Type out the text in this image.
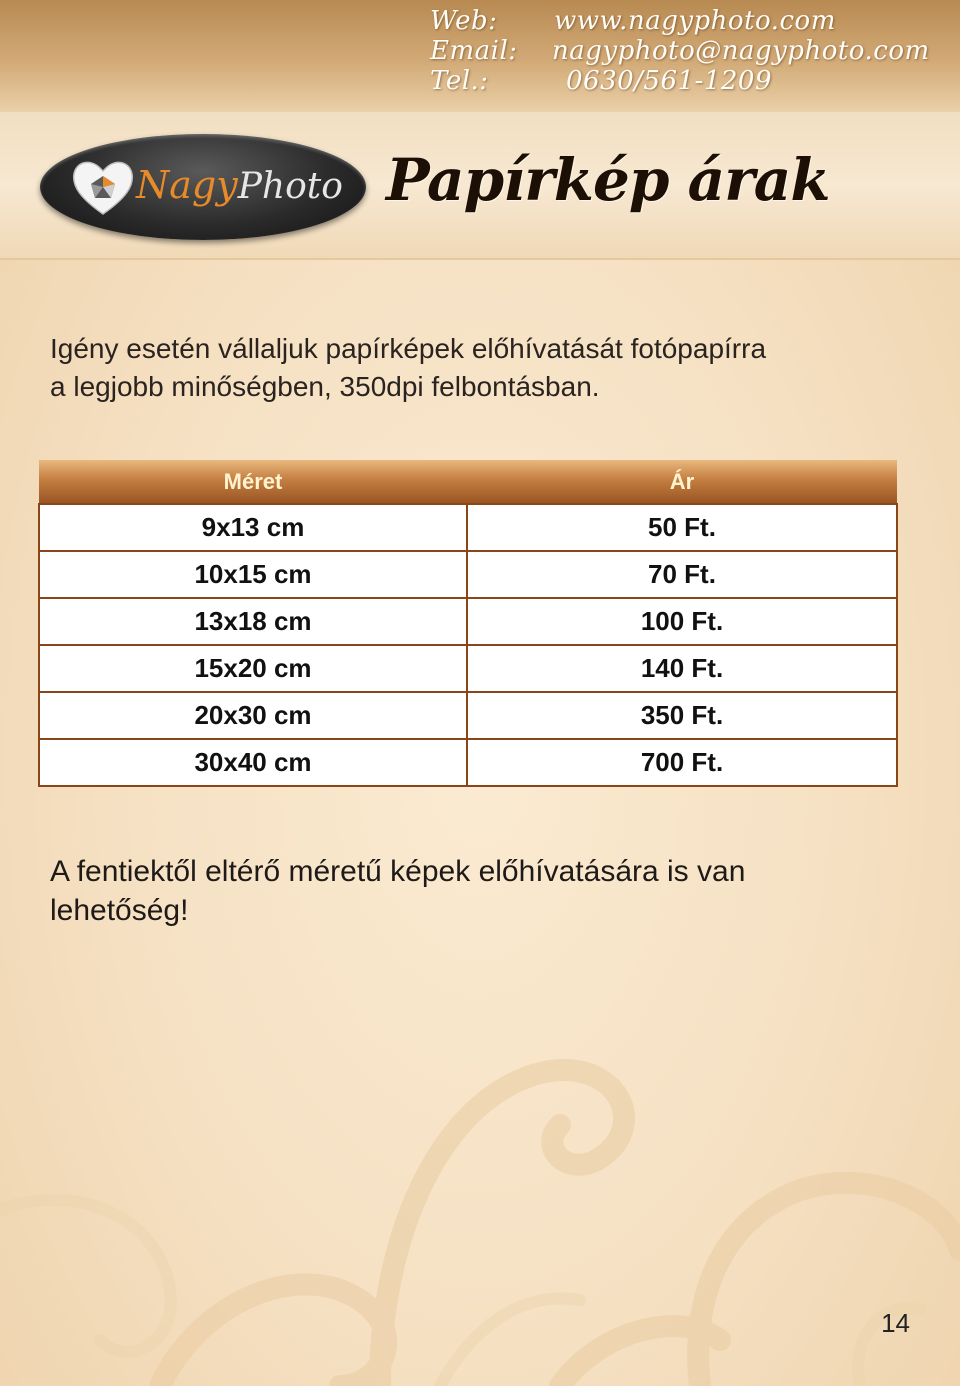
Web: www.nagyphoto.com
Email: nagyphoto@nagyphoto.com
Tel.:	0630/561-1209
NagyPhoto Papírkép árak
Igény esetén vállaljuk papírképek előhívatását fotópapírra
a legjobb minőségben, 350dpi felbontásban.
Méret	Ár
9x13 cm	50 Ft.
10x15 cm	70 Ft.
13x18 cm	100 Ft.
15x20 cm	140 Ft.
20x30 cm	350 Ft.
30x40 cm	700 Ft.
A fentiektől eltérő méretű képek előhívatására is van
lehetőség!
14
